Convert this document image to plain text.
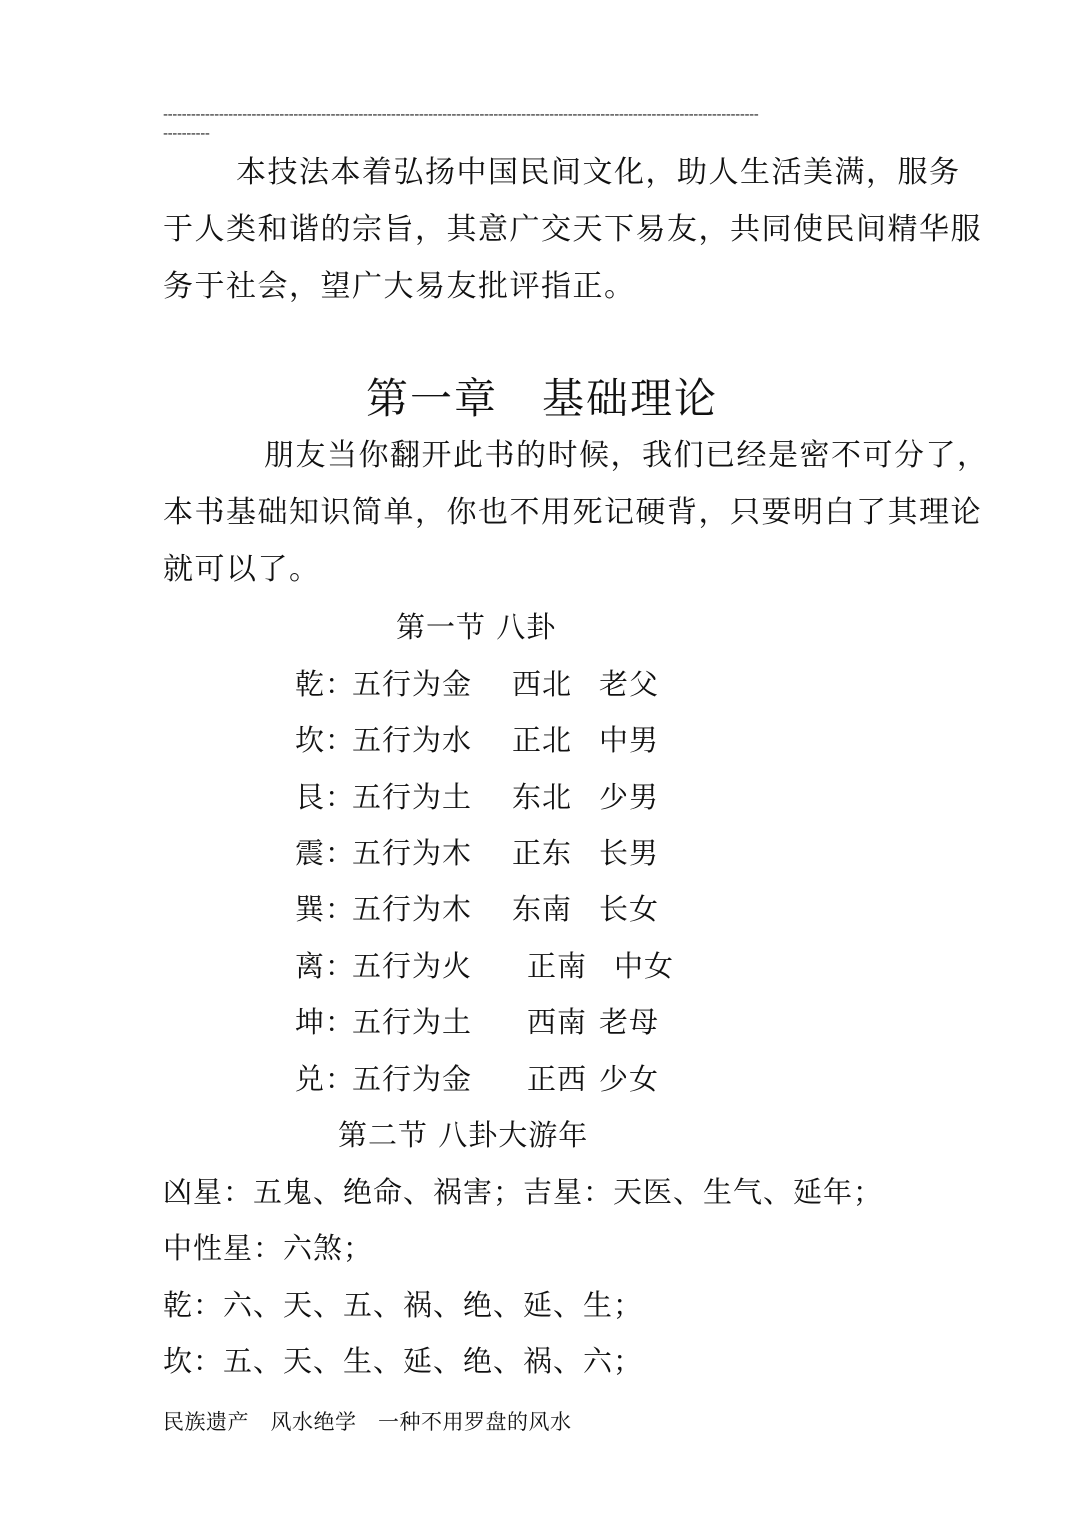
--------------------------------------------------------------------------------------------------------------------------------
----------
本技法本着弘扬中国民间文化，助人生活美满，服务
于人类和谐的宗旨，其意广交天下易友，共同使民间精华服
务于社会，望广大易友批评指正。
第一章　基础理论
朋友当你翻开此书的时候，我们已经是密不可分了，
本书基础知识简单，你也不用死记硬背，只要明白了其理论
就可以了。
第一节 八卦
乾：
五行为金 西北 老父
坎：
五行为水 正北 中男
艮：
五行为土 东北 少男
震：
五行为木 正东 长男
巽：
五行为木 东南 长女
离：
五行为火 正南 中女
坤：
五行为土 西南 老母
兑：
五行为金 正西 少女
第二节 八卦大游年
凶星：五鬼、绝命、祸害；吉星：天医、生气、延年；
中性星：六煞；
乾：六、天、五、祸、绝、延、生；
坎：五、天、生、延、绝、祸、六；
民族遗产　风水绝学　一种不用罗盘的风水
